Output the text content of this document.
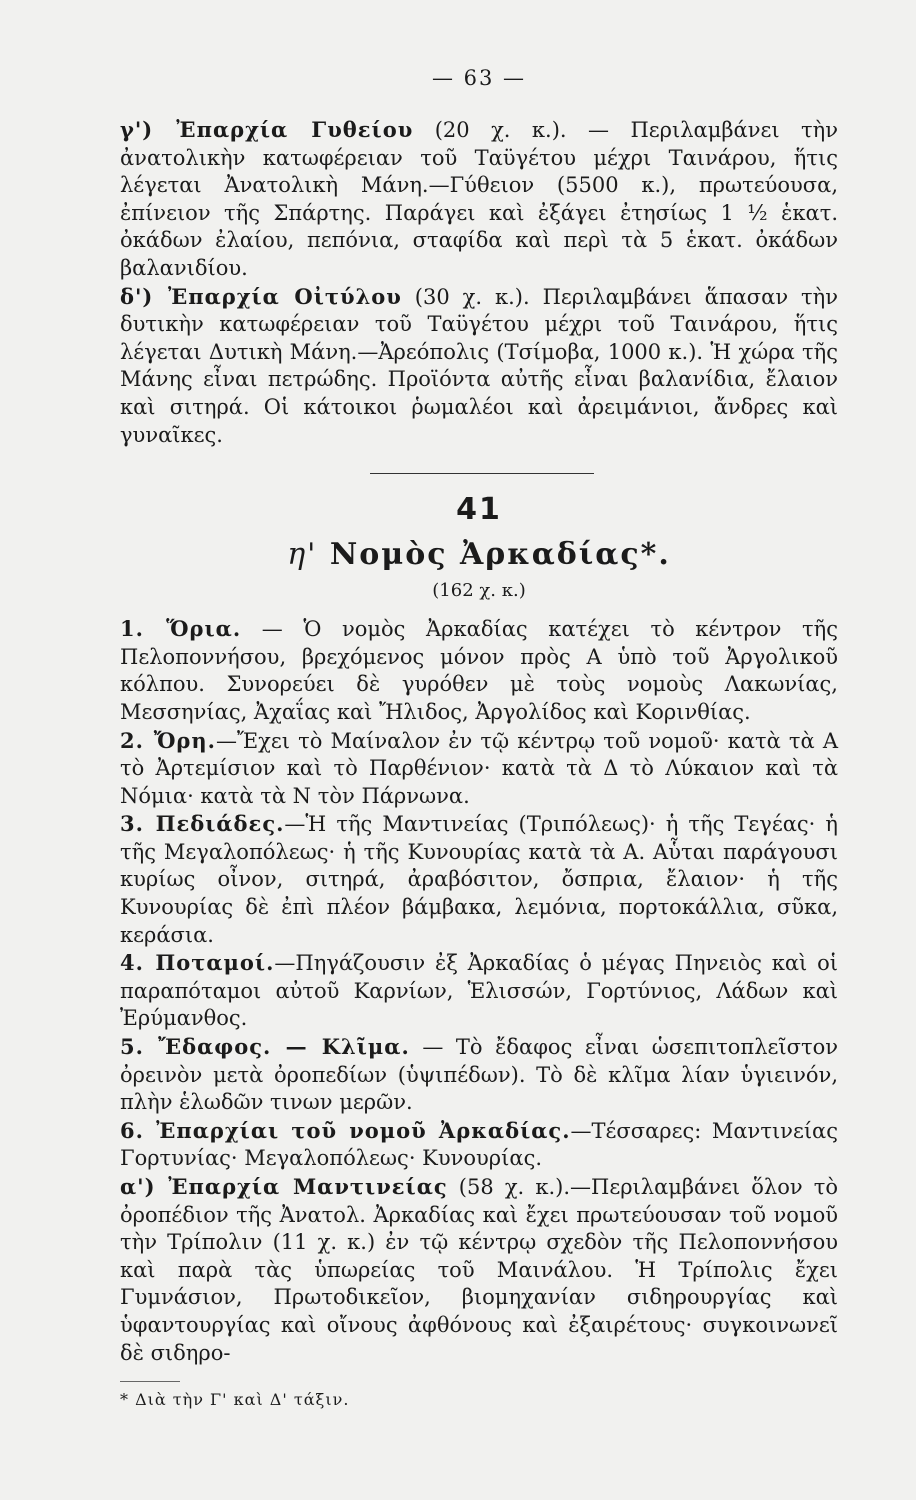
— 63 —

γ') Ἐπαρχία Γυθείου (20 χ. κ.). — Περιλαμβάνει τὴν ἀνατολικὴν κατωφέρειαν τοῦ Ταϋγέτου μέχρι Ταινάρου, ἥτις λέγεται Ἀνατολικὴ Μάνη.—Γύθειον (5500 κ.), πρωτεύουσα, ἐπίνειον τῆς Σπάρτης. Παράγει καὶ ἐξάγει ἐτησίως 1 ½ ἑκατ. ὀκάδων ἐλαίου, πεπόνια, σταφίδα καὶ περὶ τὰ 5 ἑκατ. ὀκάδων βαλανιδίου.

δ') Ἐπαρχία Οἰτύλου (30 χ. κ.). Περιλαμβάνει ἅπασαν τὴν δυτικὴν κατωφέρειαν τοῦ Ταϋγέτου μέχρι τοῦ Ταινάρου, ἥτις λέγεται Δυτικὴ Μάνη.—Ἀρεόπολις (Τσίμοβα, 1000 κ.). Ἡ χώρα τῆς Μάνης εἶναι πετρώδης. Προϊόντα αὐτῆς εἶναι βαλανίδια, ἔλαιον καὶ σιτηρά. Οἱ κάτοικοι ῥωμαλέοι καὶ ἀρειμάνιοι, ἄνδρες καὶ γυναῖκες.

41
η' Νομὸς Ἀρκαδίας*.
(162 χ. κ.)

1. Ὅρια. — Ὁ νομὸς Ἀρκαδίας κατέχει τὸ κέντρον τῆς Πελοποννήσου, βρεχόμενος μόνον πρὸς Α ὑπὸ τοῦ Ἀργολικοῦ κόλπου. Συνορεύει δὲ γυρόθεν μὲ τοὺς νομοὺς Λακωνίας, Μεσσηνίας, Ἀχαΐας καὶ Ἤλιδος, Ἀργολίδος καὶ Κορινθίας.

2. Ὄρη.—Ἔχει τὸ Μαίναλον ἐν τῷ κέντρῳ τοῦ νομοῦ· κατὰ τὰ Α τὸ Ἀρτεμίσιον καὶ τὸ Παρθένιον· κατὰ τὰ Δ τὸ Λύκαιον καὶ τὰ Νόμια· κατὰ τὰ Ν τὸν Πάρνωνα.

3. Πεδιάδες.—Ἡ τῆς Μαντινείας (Τριπόλεως)· ἡ τῆς Τεγέας· ἡ τῆς Μεγαλοπόλεως· ἡ τῆς Κυνουρίας κατὰ τὰ Α. Αὗται παράγουσι κυρίως οἶνον, σιτηρά, ἀραβόσιτον, ὄσπρια, ἔλαιον· ἡ τῆς Κυνουρίας δὲ ἐπὶ πλέον βάμβακα, λεμόνια, πορτοκάλλια, σῦκα, κεράσια.

4. Ποταμοί.—Πηγάζουσιν ἐξ Ἀρκαδίας ὁ μέγας Πηνειὸς καὶ οἱ παραπόταμοι αὐτοῦ Καρνίων, Ἑλισσών, Γορτύνιος, Λάδων καὶ Ἐρύμανθος.

5. Ἔδαφος. — Κλῖμα. — Τὸ ἔδαφος εἶναι ὡσεπιτοπλεῖστον ὀρεινὸν μετὰ ὀροπεδίων (ὑψιπέδων). Τὸ δὲ κλῖμα λίαν ὑγιεινόν, πλὴν ἑλωδῶν τινων μερῶν.

6. Ἐπαρχίαι τοῦ νομοῦ Ἀρκαδίας.—Τέσσαρες: Μαντινείας Γορτυνίας· Μεγαλοπόλεως· Κυνουρίας.

α') Ἐπαρχία Μαντινείας (58 χ. κ.).—Περιλαμβάνει ὅλον τὸ ὀροπέδιον τῆς Ἀνατολ. Ἀρκαδίας καὶ ἔχει πρωτεύουσαν τοῦ νομοῦ τὴν Τρίπολιν (11 χ. κ.) ἐν τῷ κέντρῳ σχεδὸν τῆς Πελοποννήσου καὶ παρὰ τὰς ὑπωρείας τοῦ Μαινάλου. Ἡ Τρίπολις ἔχει Γυμνάσιον, Πρωτοδικεῖον, βιομηχανίαν σιδηρουργίας καὶ ὑφαντουργίας καὶ οἴνους ἀφθόνους καὶ ἐξαιρέτους· συγκοινωνεῖ δὲ σιδηρο-

* Διὰ τὴν Γ' καὶ Δ' τάξιν.
